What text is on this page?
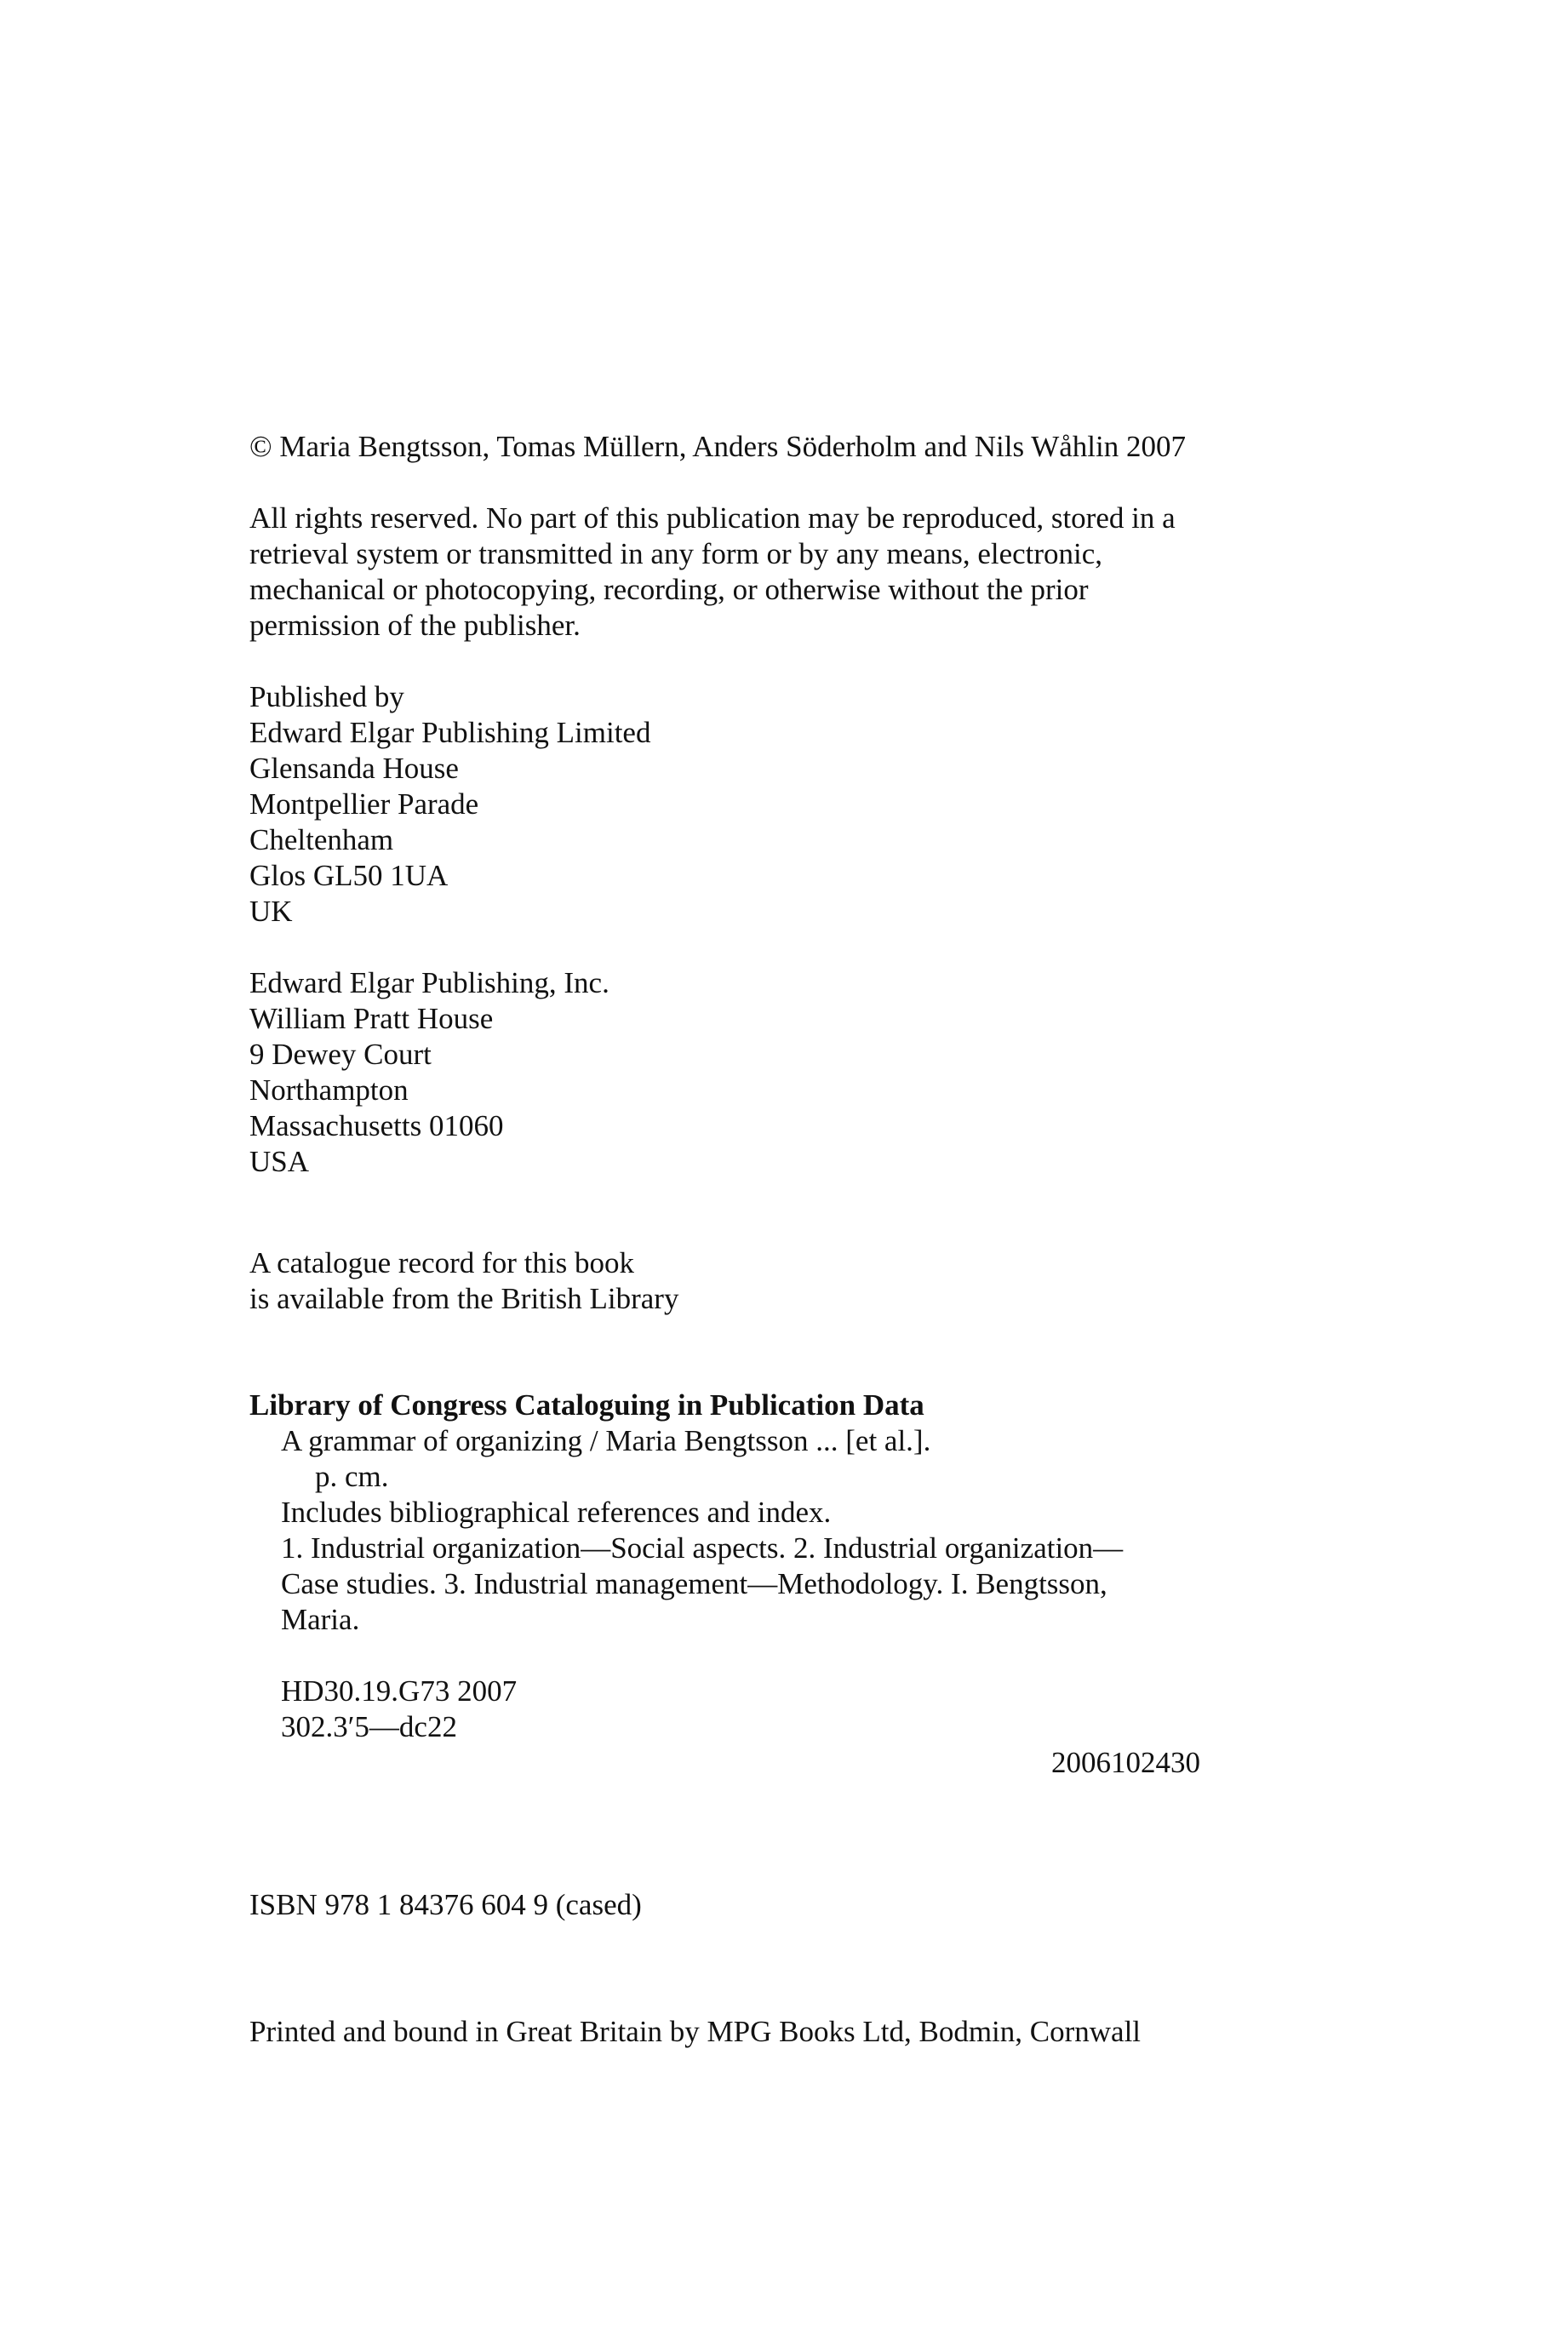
© Maria Bengtsson, Tomas Müllern, Anders Söderholm and Nils Wåhlin 2007
All rights reserved. No part of this publication may be reproduced, stored in a
retrieval system or transmitted in any form or by any means, electronic,
mechanical or photocopying, recording, or otherwise without the prior
permission of the publisher.
Published by
Edward Elgar Publishing Limited
Glensanda House
Montpellier Parade
Cheltenham
Glos GL50 1UA
UK
Edward Elgar Publishing, Inc.
William Pratt House
9 Dewey Court
Northampton
Massachusetts 01060
USA
A catalogue record for this book
is available from the British Library
Library of Congress Cataloguing in Publication Data
A grammar of organizing / Maria Bengtsson ... [et al.].
p. cm.
Includes bibliographical references and index.
1. Industrial organization—Social aspects. 2. Industrial organization—
Case studies. 3. Industrial management—Methodology. I. Bengtsson,
Maria.
HD30.19.G73 2007
302.3′5—dc22
2006102430
ISBN 978 1 84376 604 9 (cased)
Printed and bound in Great Britain by MPG Books Ltd, Bodmin, Cornwall
